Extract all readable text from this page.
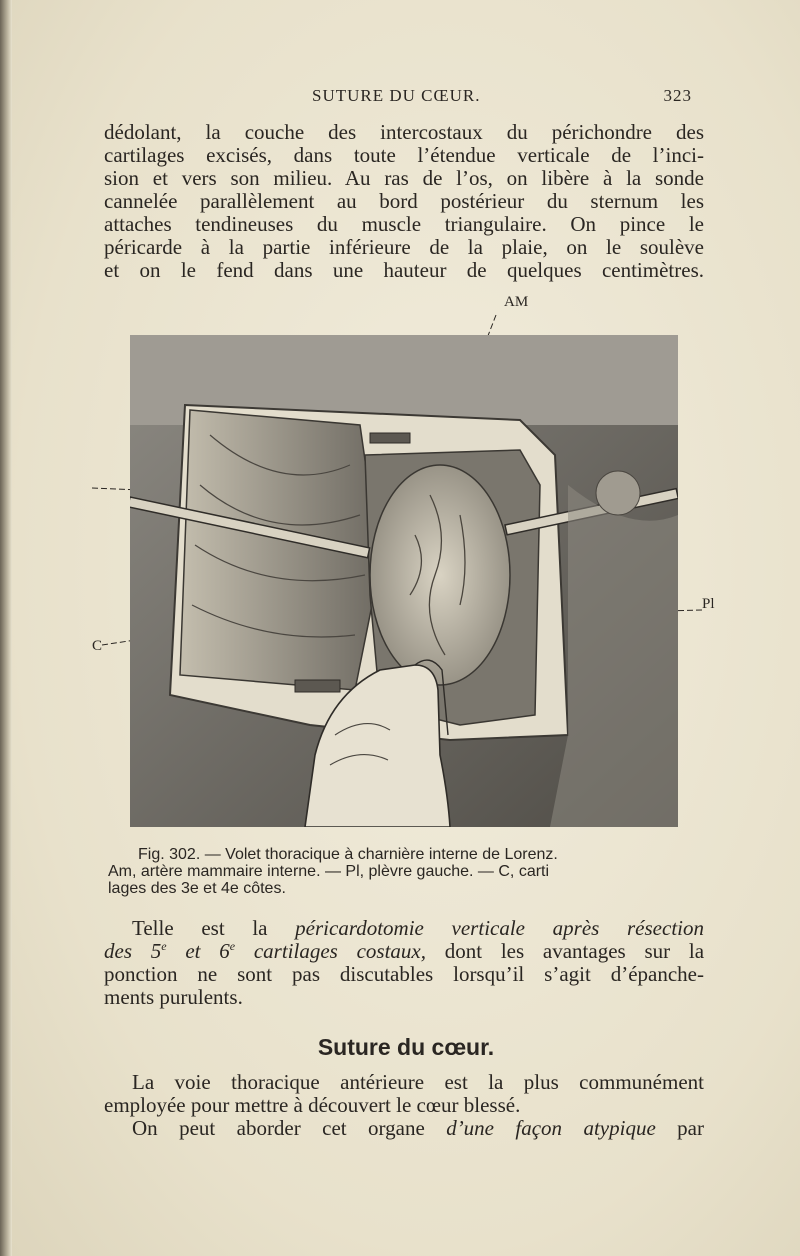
SUTURE DU CŒUR.	323
dédolant, la couche des intercostaux du périchondre des
cartilages excisés, dans toute l’étendue verticale de l’inci-
sion et vers son milieu. Au ras de l’os, on libère à la sonde
cannelée parallèlement au bord postérieur du sternum les
attaches tendineuses du muscle triangulaire. On pince le
péricarde à la partie inférieure de la plaie, on le soulève
et on le fend dans une hauteur de quelques centimètres.
AM
Pl
C
Fig. 302. — Volet thoracique à charnière interne de Lorenz.
Am, artère mammaire interne. — Pl, plèvre gauche. — C, carti
lages des 3e et 4e côtes.
Telle est la péricardotomie verticale après résection
des 5e et 6e cartilages costaux, dont les avantages sur la
ponction ne sont pas discutables lorsqu’il s’agit d’épanche-
ments purulents.
Suture du cœur.
La voie thoracique antérieure est la plus communément
employée pour mettre à découvert le cœur blessé.
On peut aborder cet organe d’une façon atypique par
